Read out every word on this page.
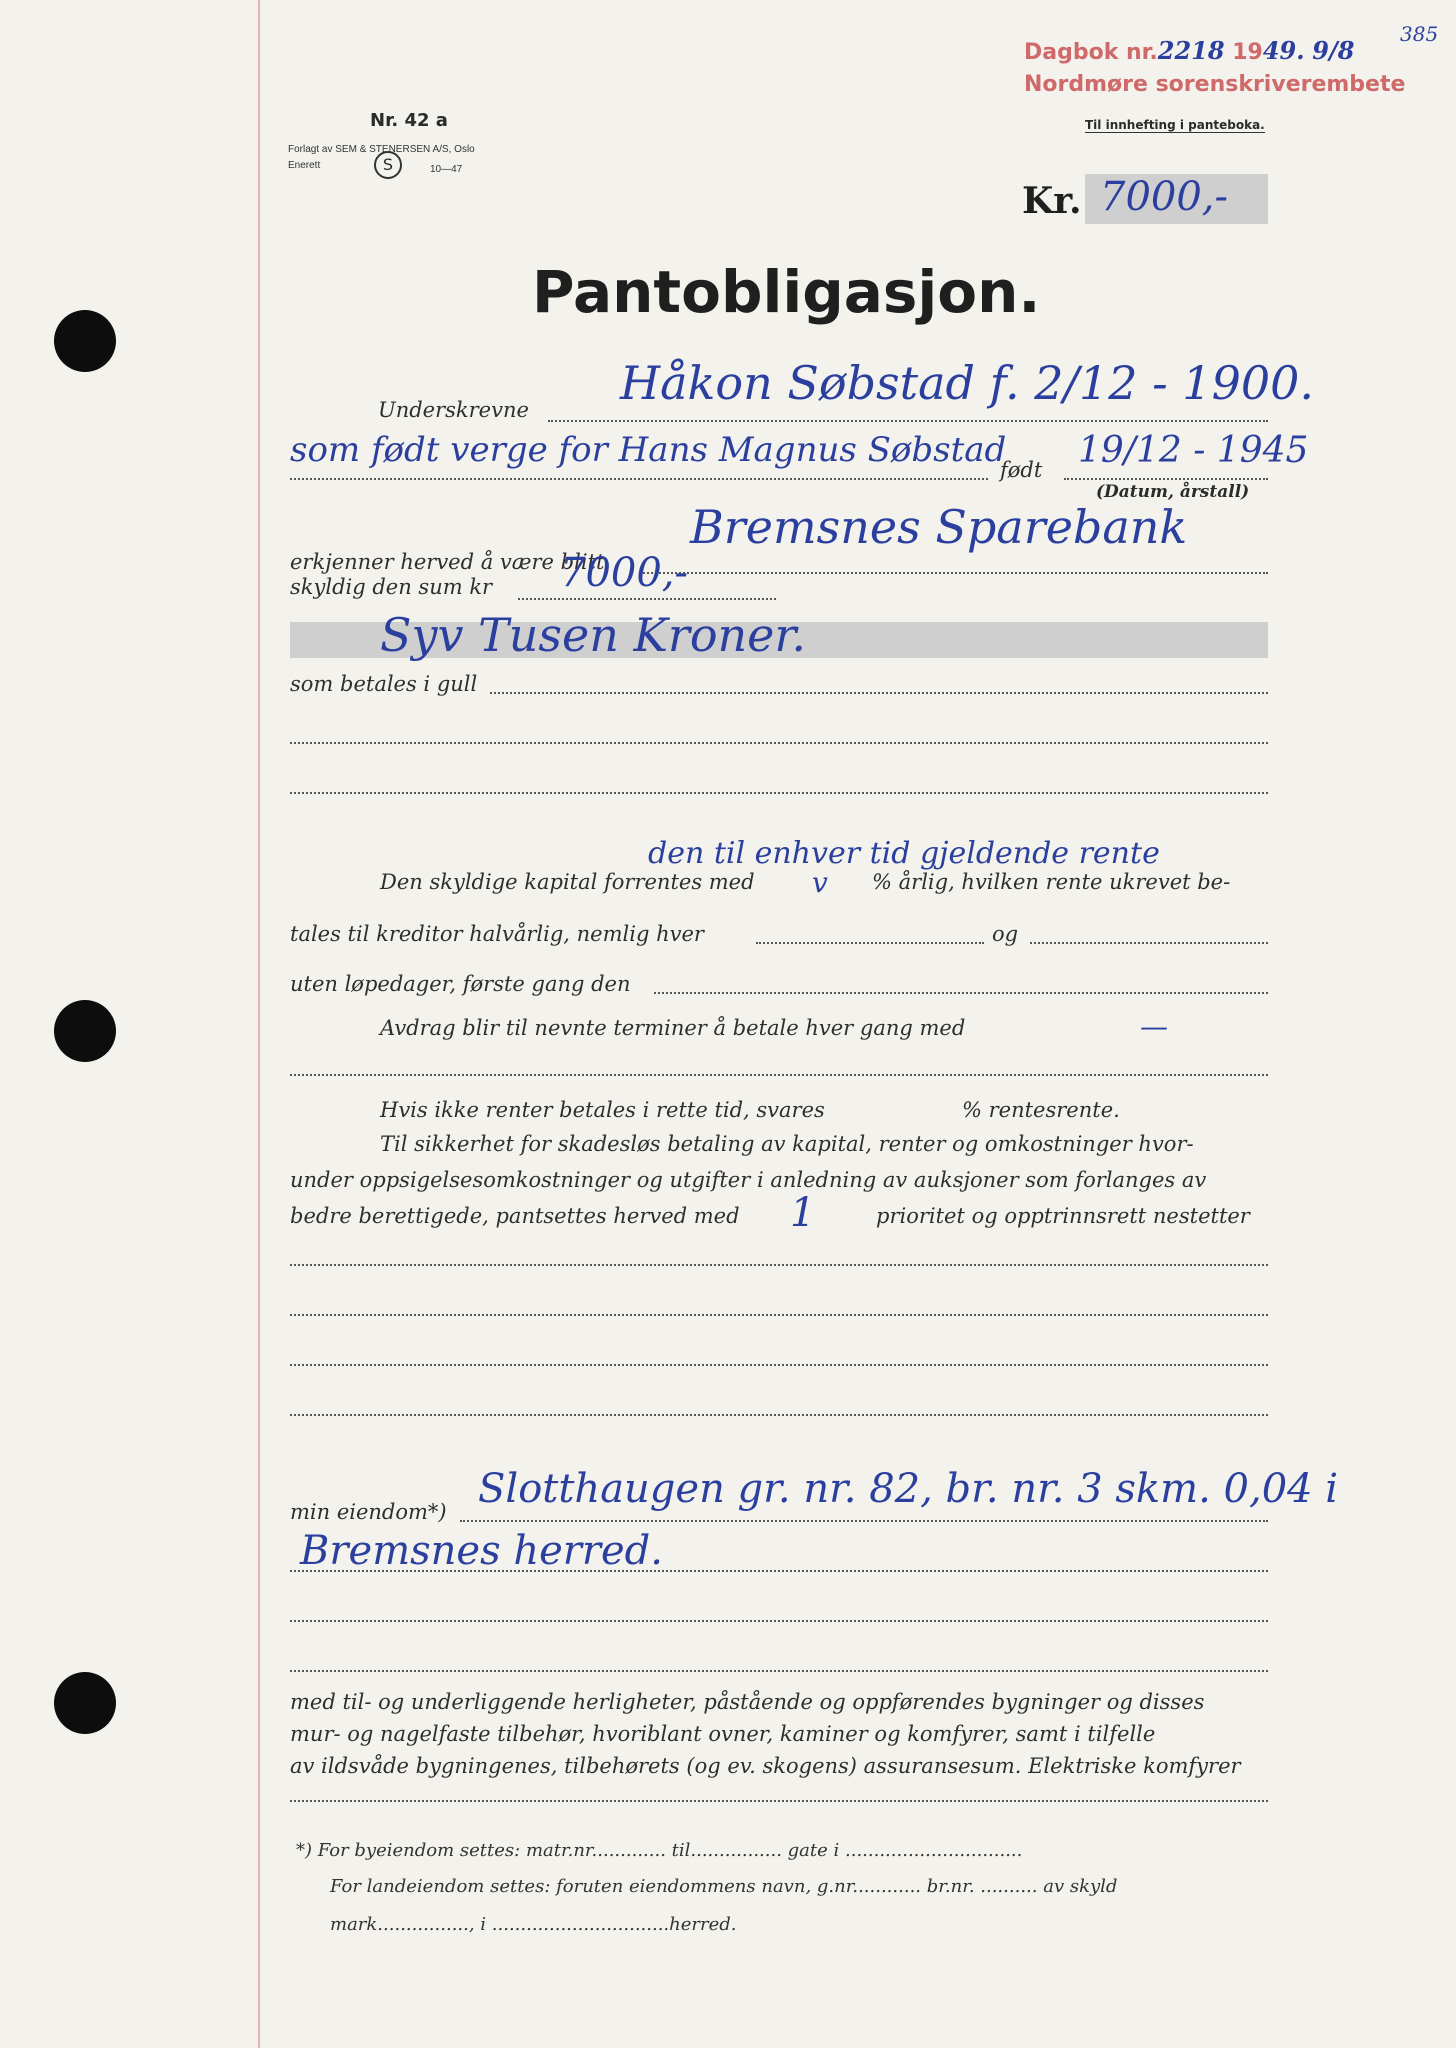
Dagbok nr.2218 1949. 9/8
385
Nordmøre sorenskriverembete
Nr. 42 a
Forlagt av SEM & STENERSEN A/S, Oslo
Enerett	S	10—47
Til innhefting i panteboka.
Kr. 7000,-
Pantobligasjon.
Underskrevne Håkon Søbstad f. 2/12 - 1900.
som født verge for Hans Magnus Søbstad
født 19/12 - 1945
(Datum, årstall)
erkjenner herved å være blitt
Bremsnes Sparebank
skyldig den sum kr 7000,-
Syv Tusen Kroner.
som betales i gull
den til enhver tid gjeldende rente
Den skyldige kapital forrentes med v % årlig, hvilken rente ukrevet be-
tales til kreditor halvårlig, nemlig hver	og
uten løpedager, første gang den
Avdrag blir til nevnte terminer å betale hver gang med	—
Hvis ikke renter betales i rette tid, svares	% rentesrente.
Til sikkerhet for skadesløs betaling av kapital, renter og omkostninger hvor-
under oppsigelsesomkostninger og utgifter i anledning av auksjoner som forlanges av
bedre berettigede, pantsettes herved med 1	prioritet og opptrinnsrett nestetter
min eiendom*) Slotthaugen gr. nr. 82, br. nr. 3 skm. 0,04 i
Bremsnes herred.
med til- og underliggende herligheter, påstående og oppførendes bygninger og disses
mur- og nagelfaste tilbehør, hvoriblant ovner, kaminer og komfyrer, samt i tilfelle
av ildsvåde bygningenes, tilbehørets (og ev. skogens) assuransesum. Elektriske komfyrer
*) For byeiendom settes: matr.nr............. til................ gate i ...............................
For landeiendom settes: foruten eiendommens navn, g.nr............ br.nr. .......... av skyld
mark................, i ...............................herred.
